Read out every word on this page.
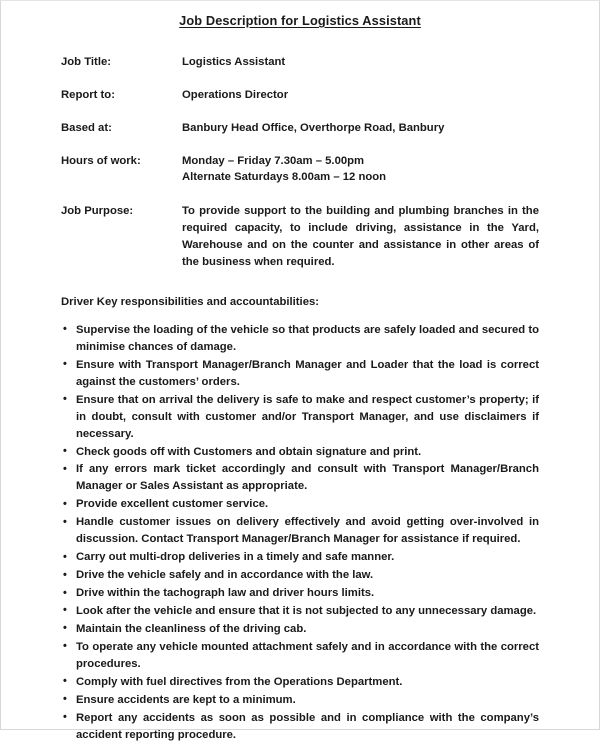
Job Description for Logistics Assistant
Job Title:	Logistics Assistant
Report to:	Operations Director
Based at:	Banbury Head Office, Overthorpe Road, Banbury
Hours of work:	Monday – Friday 7.30am – 5.00pm
Alternate Saturdays 8.00am – 12 noon
Job Purpose:	To provide support to the building and plumbing branches in the required capacity, to include driving, assistance in the Yard, Warehouse and on the counter and assistance in other areas of the business when required.
Driver Key responsibilities and accountabilities:
• Supervise the loading of the vehicle so that products are safely loaded and secured to minimise chances of damage.
• Ensure with Transport Manager/Branch Manager and Loader that the load is correct against the customers’ orders.
• Ensure that on arrival the delivery is safe to make and respect customer’s property; if in doubt, consult with customer and/or Transport Manager, and use disclaimers if necessary.
• Check goods off with Customers and obtain signature and print.
• If any errors mark ticket accordingly and consult with Transport Manager/Branch Manager or Sales Assistant as appropriate.
• Provide excellent customer service.
• Handle customer issues on delivery effectively and avoid getting over-involved in discussion. Contact Transport Manager/Branch Manager for assistance if required.
• Carry out multi-drop deliveries in a timely and safe manner.
• Drive the vehicle safely and in accordance with the law.
• Drive within the tachograph law and driver hours limits.
• Look after the vehicle and ensure that it is not subjected to any unnecessary damage.
• Maintain the cleanliness of the driving cab.
• To operate any vehicle mounted attachment safely and in accordance with the correct procedures.
• Comply with fuel directives from the Operations Department.
• Ensure accidents are kept to a minimum.
• Report any accidents as soon as possible and in compliance with the company’s accident reporting procedure.
